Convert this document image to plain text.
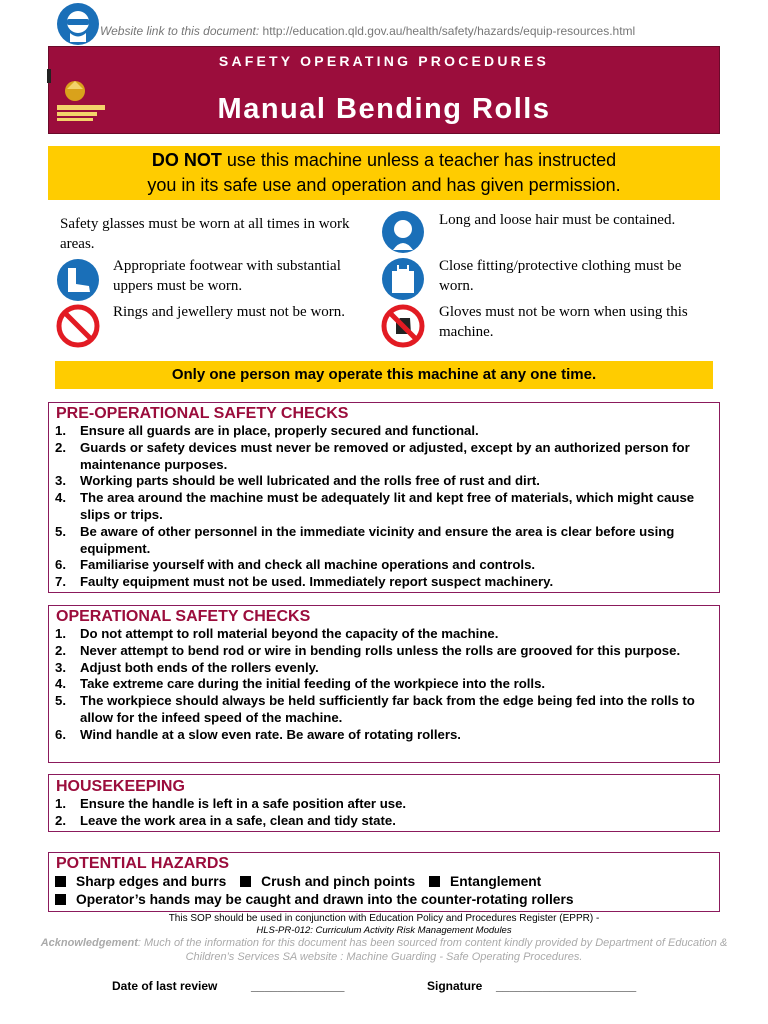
Website link to this document: http://education.qld.gov.au/health/safety/hazards/equip-resources.html
SAFETY OPERATING PROCEDURES
Manual Bending Rolls
DO NOT use this machine unless a teacher has instructed
you in its safe use and operation and has given permission.
Safety glasses must be worn at all times in work areas.
Appropriate footwear with substantial uppers must be worn.
Rings and jewellery must not be worn.
Long and loose hair must be contained.
Close fitting/protective clothing must be worn.
Gloves must not be worn when using this machine.
Only one person may operate this machine at any one time.
PRE-OPERATIONAL SAFETY CHECKS
1. Ensure all guards are in place, properly secured and functional.
2. Guards or safety devices must never be removed or adjusted, except by an authorized person for maintenance purposes.
3. Working parts should be well lubricated and the rolls free of rust and dirt.
4. The area around the machine must be adequately lit and kept free of materials, which might cause slips or trips.
5. Be aware of other personnel in the immediate vicinity and ensure the area is clear before using equipment.
6. Familiarise yourself with and check all machine operations and controls.
7. Faulty equipment must not be used. Immediately report suspect machinery.
OPERATIONAL SAFETY CHECKS
1. Do not attempt to roll material beyond the capacity of the machine.
2. Never attempt to bend rod or wire in bending rolls unless the rolls are grooved for this purpose.
3. Adjust both ends of the rollers evenly.
4. Take extreme care during the initial feeding of the workpiece into the rolls.
5. The workpiece should always be held sufficiently far back from the edge being fed into the rolls to allow for the infeed speed of the machine.
6. Wind handle at a slow even rate. Be aware of rotating rollers.
HOUSEKEEPING
1. Ensure the handle is left in a safe position after use.
2. Leave the work area in a safe, clean and tidy state.
POTENTIAL HAZARDS
Sharp edges and burrs	Crush and pinch points	Entanglement
Operator’s hands may be caught and drawn into the counter-rotating rollers
This SOP should be used in conjunction with Education Policy and Procedures Register (EPPR) -
HLS-PR-012: Curriculum Activity Risk Management Modules
Acknowledgement: Much of the information for this document has been sourced from content kindly provided by Department of Education & Children’s Services SA website : Machine Guarding - Safe Operating Procedures.
Date of last review	______________	Signature _____________________
